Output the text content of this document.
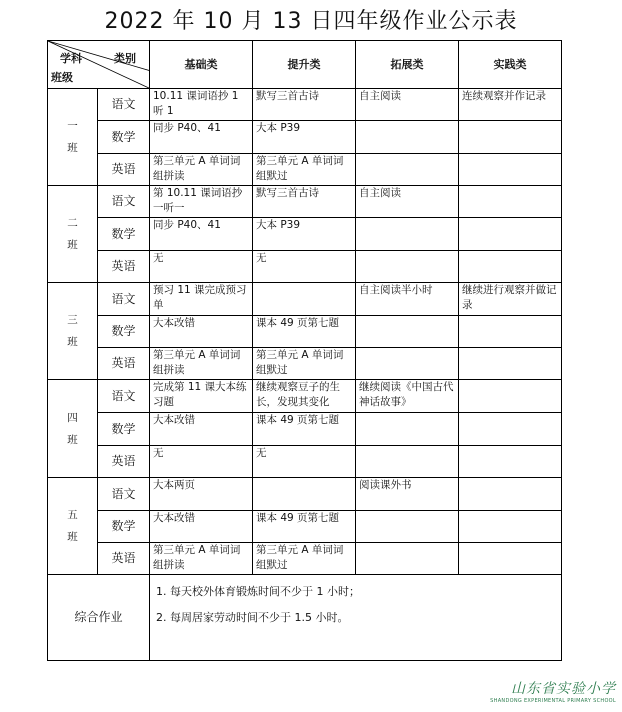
2022 年 10 月 13 日四年级作业公示表
学科 类别
班级		基础类	提升类	拓展类	实践类

一
班	语文	10.11 课词语抄 1 听 1	默写三首古诗	自主阅读	连续观察并作记录
	数学	同步 P40、41	大本 P39		
	英语	第三单元 A 单词词组拼读	第三单元 A 单词词组默过		

二
班	语文	第 10.11 课词语抄一听一	默写三首古诗	自主阅读	
	数学	同步 P40、41	大本 P39		
	英语	无	无		

三
班	语文	预习 11 课完成预习单		自主阅读半小时	继续进行观察并做记录
	数学	大本改错	课本 49 页第七题		
	英语	第三单元 A 单词词组拼读	第三单元 A 单词词组默过		

四
班	语文	完成第 11 课大本练习题	继续观察豆子的生长，发现其变化	继续阅读《中国古代神话故事》	
	数学	大本改错	课本 49 页第七题		
	英语	无	无		

五
班	语文	大本两页		阅读课外书	
	数学	大本改错	课本 49 页第七题		
	英语	第三单元 A 单词词组拼读	第三单元 A 单词词组默过		
综合作业		1. 每天校外体育锻炼时间不少于 1 小时；
2. 每周居家劳动时间不少于 1.5 小时。			
山东省实验小学
SHANDONG EXPERIMENTAL PRIMARY SCHOOL
